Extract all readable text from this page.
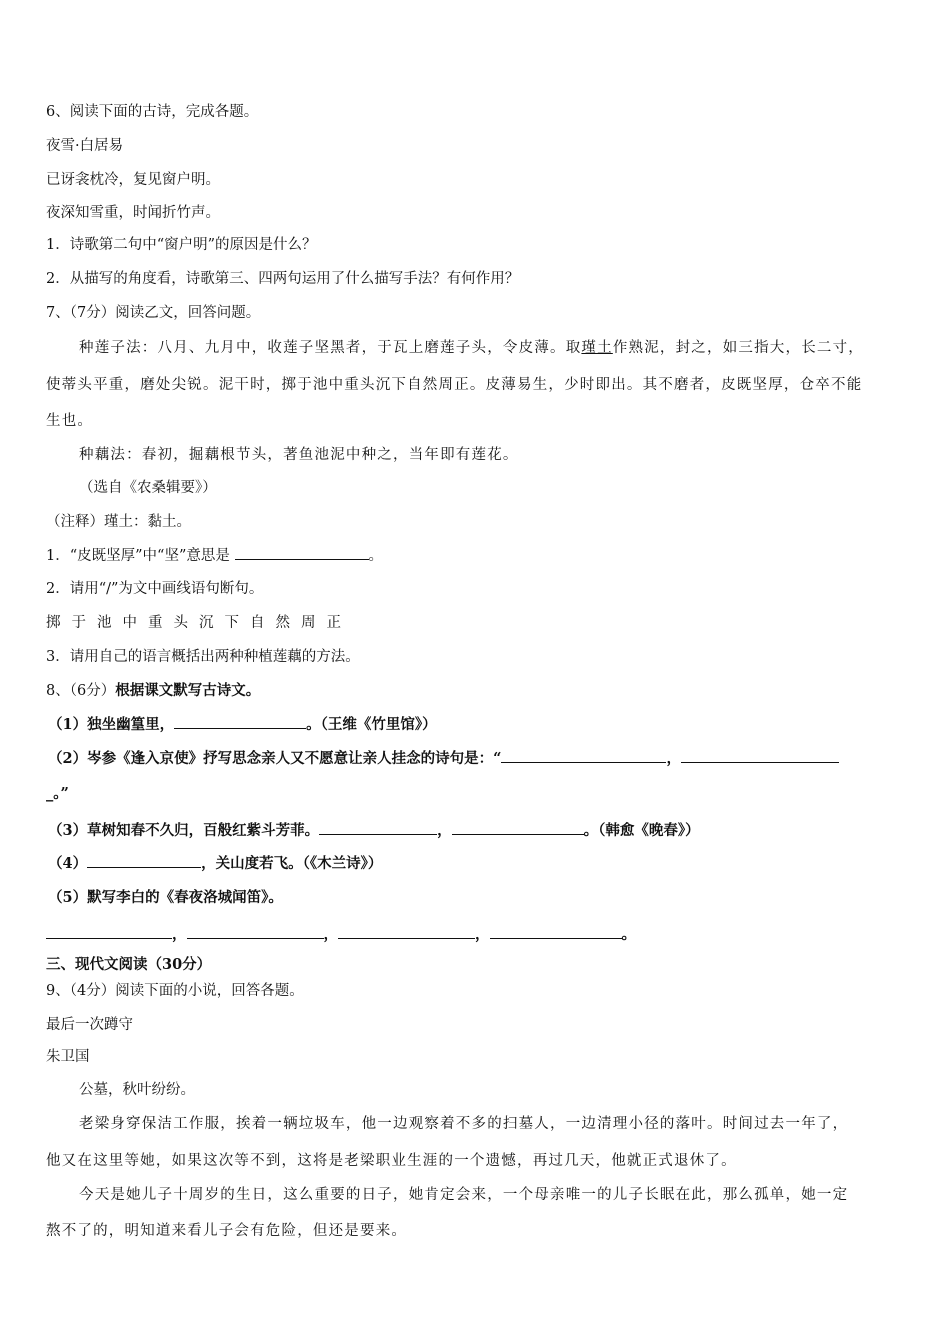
6、阅读下面的古诗，完成各题。
夜雪·白居易
已讶衾枕冷，复见窗户明。
夜深知雪重，时闻折竹声。
1．诗歌第二句中“窗户明”的原因是什么？
2．从描写的角度看，诗歌第三、四两句运用了什么描写手法？有何作用？
7、（7分）阅读乙文，回答问题。
种莲子法：八月、九月中，收莲子坚黑者，于瓦上磨莲子头，令皮薄。取瑾土作熟泥，封之，如三指大，长二寸，
使蒂头平重，磨处尖锐。泥干时，掷于池中重头沉下自然周正。皮薄易生，少时即出。其不磨者，皮既坚厚，仓卒不能
生也。
种藕法：春初，掘藕根节头，著鱼池泥中种之，当年即有莲花。
（选自《农桑辑要》）
（注释）瑾土：黏土。
1．“皮既坚厚”中“坚”意思是	。
2．请用“/”为文中画线语句断句。
掷于池中重头沉下自然周正
3．请用自己的语言概括出两种种植莲藕的方法。
8、（6分）根据课文默写古诗文。
（1）独坐幽篁里，	。（王维《竹里馆》）
（2）岑参《逢入京使》抒写思念亲人又不愿意让亲人挂念的诗句是：“	，
_。”
（3）草树知春不久归，百般红紫斗芳菲。	，	。（韩愈《晚春》）
（4）	，关山度若飞。（《木兰诗》）
（5）默写李白的《春夜洛城闻笛》。
，	，	，	。
三、现代文阅读（30分）
9、（4分）阅读下面的小说，回答各题。
最后一次蹲守
朱卫国
公墓，秋叶纷纷。
老梁身穿保洁工作服，挨着一辆垃圾车，他一边观察着不多的扫墓人，一边清理小径的落叶。时间过去一年了，
他又在这里等她，如果这次等不到，这将是老梁职业生涯的一个遗憾，再过几天，他就正式退休了。
今天是她儿子十周岁的生日，这么重要的日子，她肯定会来，一个母亲唯一的儿子长眠在此，那么孤单，她一定
熬不了的，明知道来看儿子会有危险，但还是要来。
